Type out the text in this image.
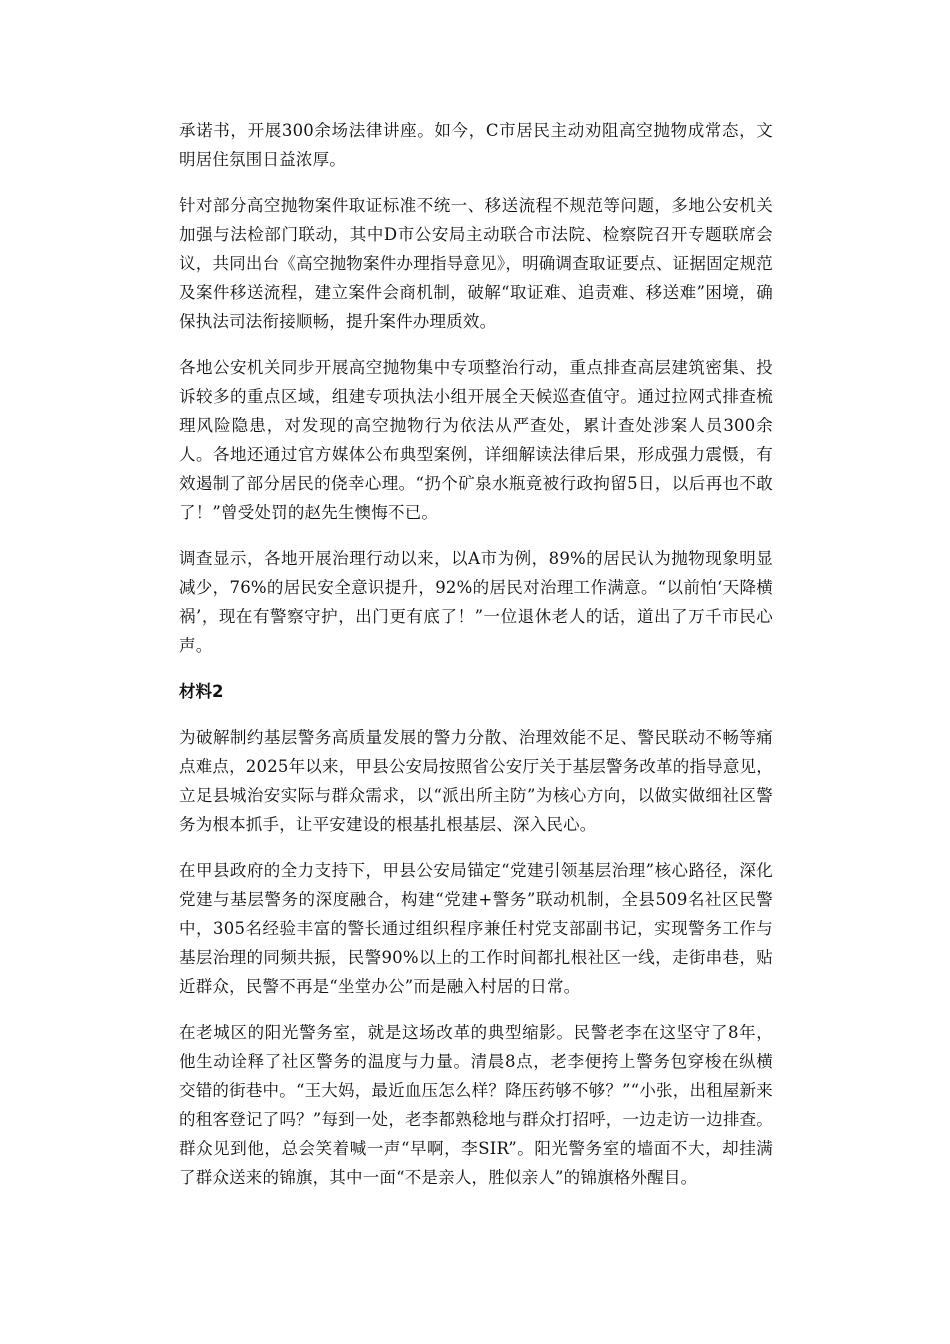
承诺书，开展300余场法律讲座。如今，C市居民主动劝阻高空抛物成常态，文明居住氛围日益浓厚。

针对部分高空抛物案件取证标准不统一、移送流程不规范等问题，多地公安机关加强与法检部门联动，其中D市公安局主动联合市法院、检察院召开专题联席会议，共同出台《高空抛物案件办理指导意见》，明确调查取证要点、证据固定规范及案件移送流程，建立案件会商机制，破解“取证难、追责难、移送难”困境，确保执法司法衔接顺畅，提升案件办理质效。

各地公安机关同步开展高空抛物集中专项整治行动，重点排查高层建筑密集、投诉较多的重点区域，组建专项执法小组开展全天候巡查值守。通过拉网式排查梳理风险隐患，对发现的高空抛物行为依法从严查处，累计查处涉案人员300余人。各地还通过官方媒体公布典型案例，详细解读法律后果，形成强力震慑，有效遏制了部分居民的侥幸心理。“扔个矿泉水瓶竟被行政拘留5日，以后再也不敢了！”曾受处罚的赵先生懊悔不已。

调查显示，各地开展治理行动以来，以A市为例，89%的居民认为抛物现象明显减少，76%的居民安全意识提升，92%的居民对治理工作满意。“以前怕‘天降横祸’，现在有警察守护，出门更有底了！”一位退休老人的话，道出了万千市民心声。

材料2

为破解制约基层警务高质量发展的警力分散、治理效能不足、警民联动不畅等痛点难点，2025年以来，甲县公安局按照省公安厅关于基层警务改革的指导意见，立足县城治安实际与群众需求，以“派出所主防”为核心方向，以做实做细社区警务为根本抓手，让平安建设的根基扎根基层、深入民心。

在甲县政府的全力支持下，甲县公安局锚定“党建引领基层治理”核心路径，深化党建与基层警务的深度融合，构建“党建+警务”联动机制，全县509名社区民警中，305名经验丰富的警长通过组织程序兼任村党支部副书记，实现警务工作与基层治理的同频共振，民警90%以上的工作时间都扎根社区一线，走街串巷，贴近群众，民警不再是“坐堂办公”而是融入村居的日常。

在老城区的阳光警务室，就是这场改革的典型缩影。民警老李在这坚守了8年，他生动诠释了社区警务的温度与力量。清晨8点，老李便挎上警务包穿梭在纵横交错的街巷中。“王大妈，最近血压怎么样？降压药够不够？”“小张，出租屋新来的租客登记了吗？”每到一处，老李都熟稔地与群众打招呼，一边走访一边排查。群众见到他，总会笑着喊一声“早啊，李SIR”。阳光警务室的墙面不大，却挂满了群众送来的锦旗，其中一面“不是亲人，胜似亲人”的锦旗格外醒目。
